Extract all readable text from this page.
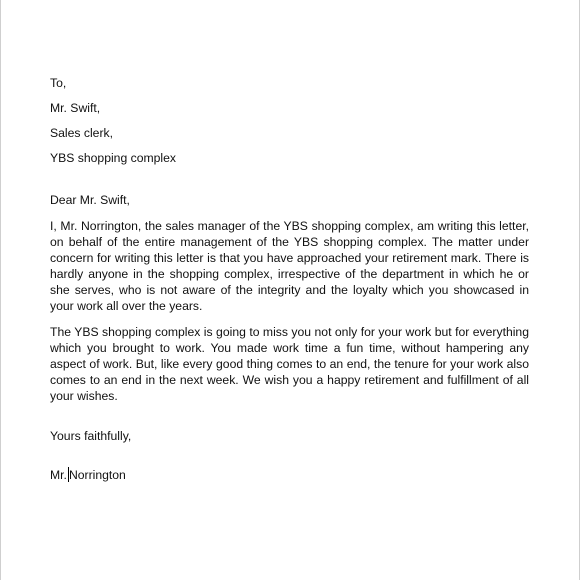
To,
Mr. Swift,
Sales clerk,
YBS shopping complex
Dear Mr. Swift,
I, Mr. Norrington, the sales manager of the YBS shopping complex, am writing this letter, on behalf of the entire management of the YBS shopping complex. The matter under concern for writing this letter is that you have approached your retirement mark. There is hardly anyone in the shopping complex, irrespective of the department in which he or she serves, who is not aware of the integrity and the loyalty which you showcased in your work all over the years.
The YBS shopping complex is going to miss you not only for your work but for everything which you brought to work. You made work time a fun time, without hampering any aspect of work. But, like every good thing comes to an end, the tenure for your work also comes to an end in the next week. We wish you a happy retirement and fulfillment of all your wishes.
Yours faithfully,
Mr. Norrington
